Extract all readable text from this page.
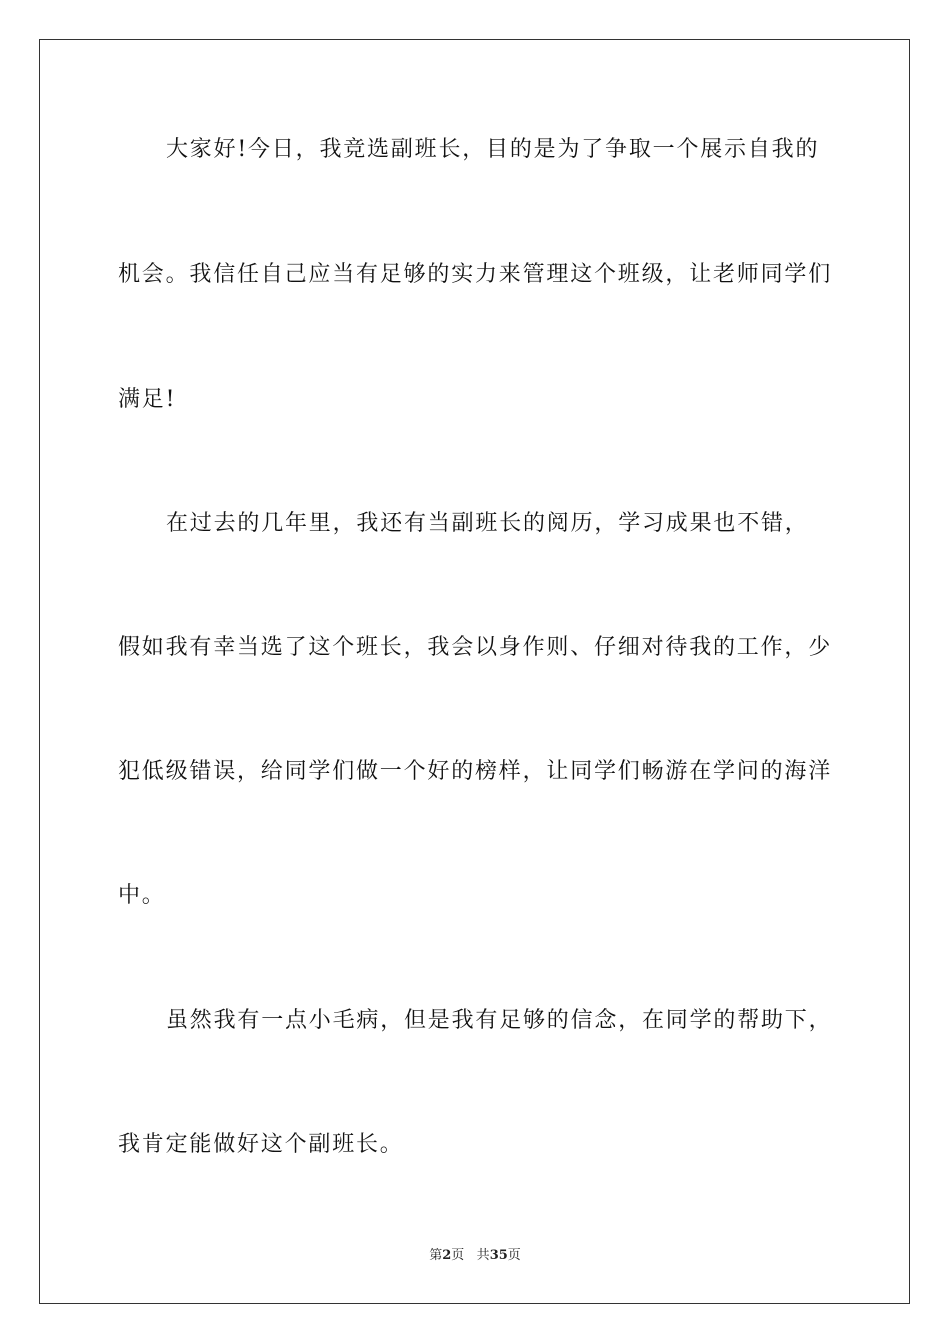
大家好!今日，我竞选副班长，目的是为了争取一个展示自我的
机会。我信任自己应当有足够的实力来管理这个班级，让老师同学们
满足!
在过去的几年里，我还有当副班长的阅历，学习成果也不错，
假如我有幸当选了这个班长，我会以身作则、仔细对待我的工作，少
犯低级错误，给同学们做一个好的榜样，让同学们畅游在学问的海洋
中。
虽然我有一点小毛病，但是我有足够的信念，在同学的帮助下，
我肯定能做好这个副班长。
第2页 共35页
